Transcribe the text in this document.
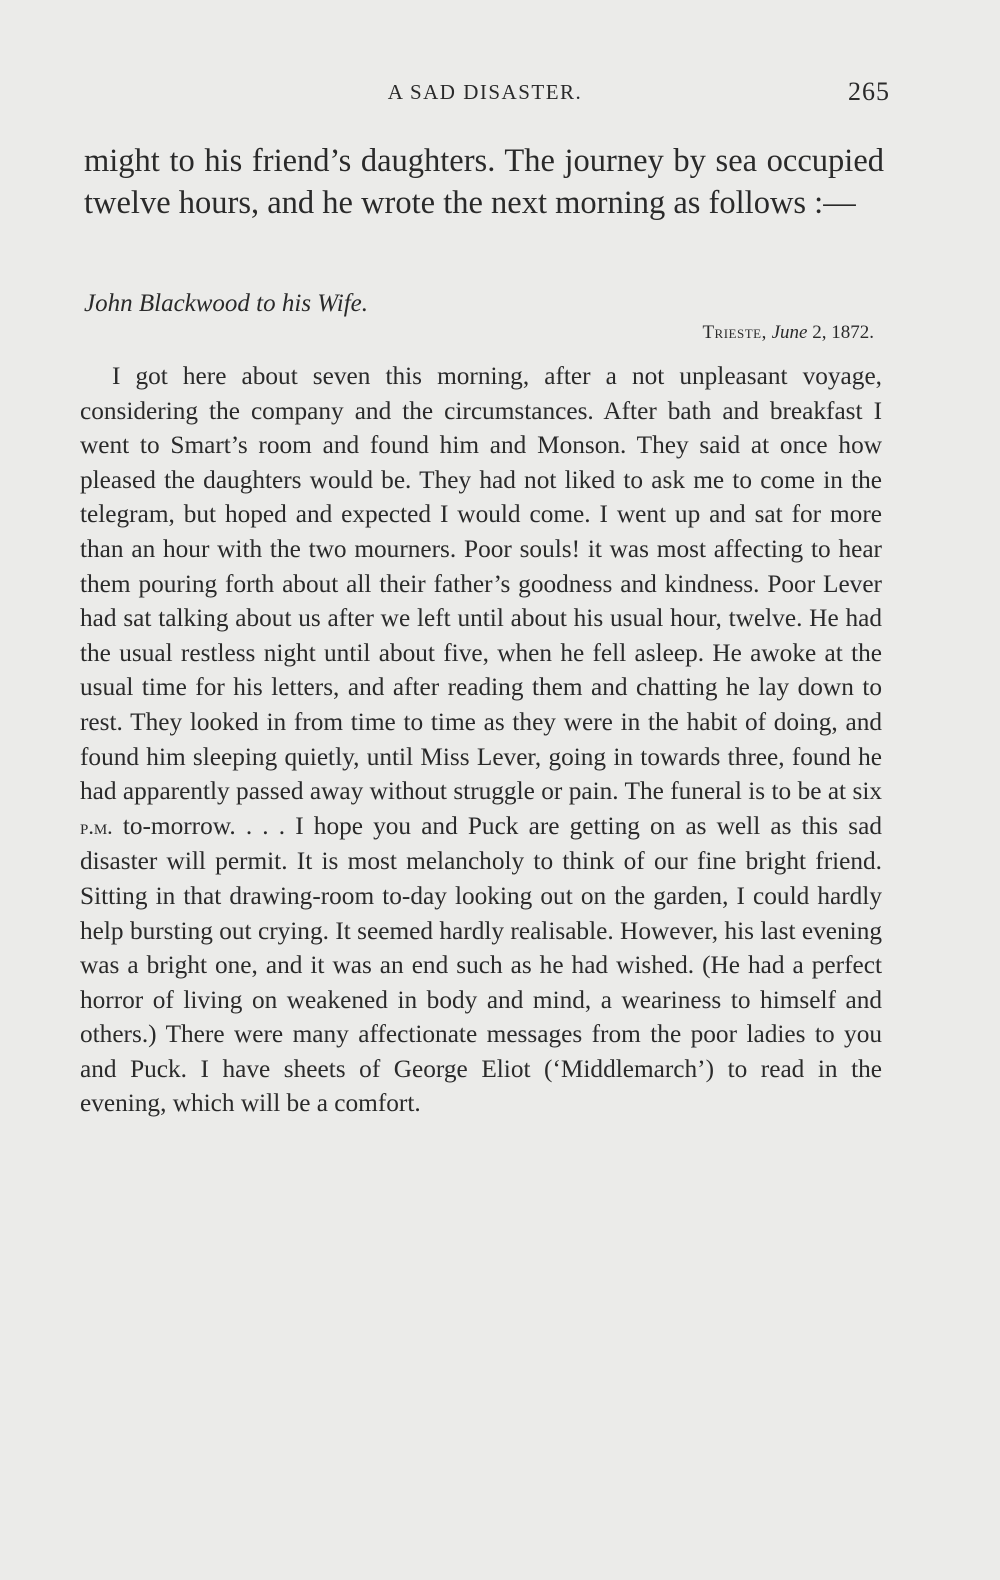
A SAD DISASTER.	265

might to his friend’s daughters. The journey by sea occupied twelve hours, and he wrote the next morning as follows :—

John Blackwood to his Wife.

Trieste, June 2, 1872.

I got here about seven this morning, after a not unpleasant voyage, considering the company and the circumstances. After bath and breakfast I went to Smart’s room and found him and Monson. They said at once how pleased the daughters would be. They had not liked to ask me to come in the telegram, but hoped and expected I would come. I went up and sat for more than an hour with the two mourners. Poor souls! it was most affecting to hear them pouring forth about all their father’s goodness and kindness. Poor Lever had sat talking about us after we left until about his usual hour, twelve. He had the usual restless night until about five, when he fell asleep. He awoke at the usual time for his letters, and after reading them and chatting he lay down to rest. They looked in from time to time as they were in the habit of doing, and found him sleeping quietly, until Miss Lever, going in towards three, found he had apparently passed away without struggle or pain. The funeral is to be at six p.m. to-morrow. . . . I hope you and Puck are getting on as well as this sad disaster will permit. It is most melancholy to think of our fine bright friend. Sitting in that drawing-room to-day looking out on the garden, I could hardly help bursting out crying. It seemed hardly realisable. However, his last evening was a bright one, and it was an end such as he had wished. (He had a perfect horror of living on weakened in body and mind, a weariness to himself and others.) There were many affectionate messages from the poor ladies to you and Puck. I have sheets of George Eliot (‘Middlemarch’) to read in the evening, which will be a comfort.
